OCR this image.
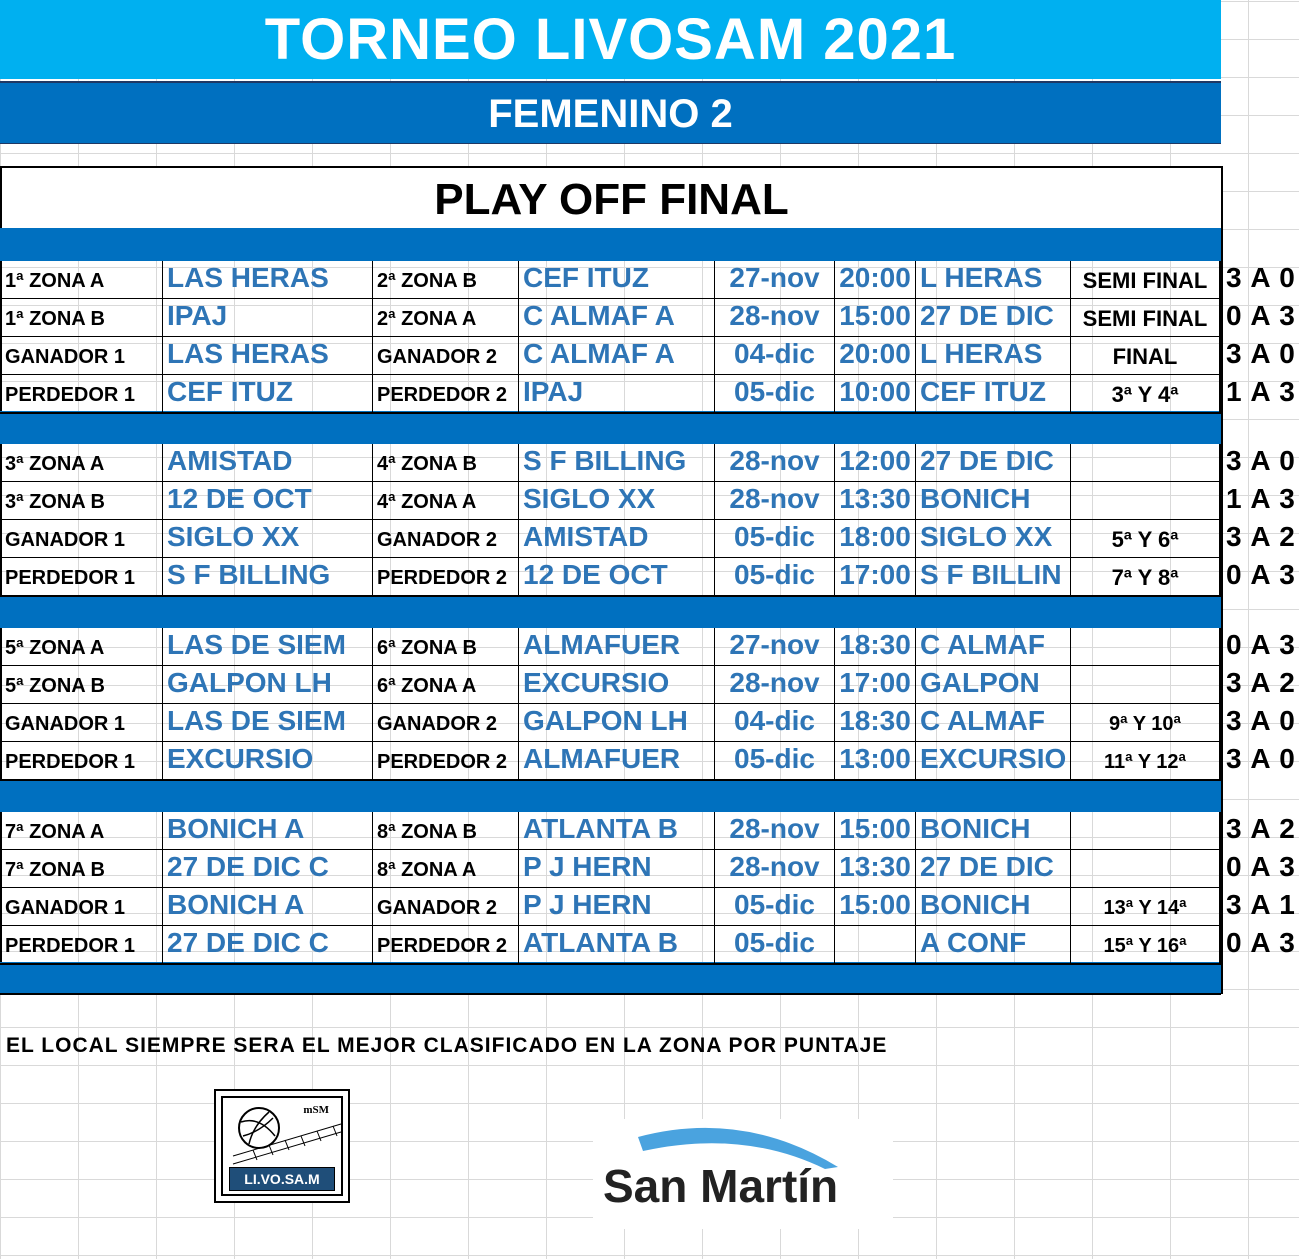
TORNEO LIVOSAM 2021
FEMENINO 2
PLAY OFF FINAL
1ª ZONA A	LAS HERAS	2ª ZONA B	CEF ITUZ	27-nov 20:00 L HERAS	SEMI FINAL 3 A 0
1ª ZONA B	IPAJ	2ª ZONA A	C ALMAF A	28-nov 15:00 27 DE DIC	SEMI FINAL 0 A 3
GANADOR 1	LAS HERAS	GANADOR 2 C ALMAF A	04-dic 20:00 L HERAS	FINAL	3 A 0
PERDEDOR 1	CEF ITUZ	PERDEDOR 2 IPAJ	05-dic 10:00 CEF ITUZ	3ª Y 4ª	1 A 3
3ª ZONA A	AMISTAD	4ª ZONA B	S F BILLING	28-nov 12:00 27 DE DIC	3 A 0
3ª ZONA B	12 DE OCT	4ª ZONA A	SIGLO XX	28-nov 13:30 BONICH	1 A 3
GANADOR 1	SIGLO XX	GANADOR 2 AMISTAD	05-dic 18:00 SIGLO XX	5ª Y 6ª	3 A 2
PERDEDOR 1	S F BILLING	PERDEDOR 2 12 DE OCT	05-dic 17:00 S F BILLIN	7ª Y 8ª	0 A 3
5ª ZONA A	LAS DE SIEM	6ª ZONA B	ALMAFUER	27-nov 18:30 C ALMAF	0 A 3
5ª ZONA B	GALPON LH	6ª ZONA A	EXCURSIO	28-nov 17:00 GALPON	3 A 2
GANADOR 1	LAS DE SIEM	GANADOR 2 GALPON LH	04-dic 18:30 C ALMAF	9ª Y 10ª	3 A 0
PERDEDOR 1	EXCURSIO	PERDEDOR 2 ALMAFUER	05-dic 13:00 EXCURSIO	11ª Y 12ª	3 A 0
7ª ZONA A	BONICH A	8ª ZONA B	ATLANTA B	28-nov 15:00 BONICH	3 A 2
7ª ZONA B	27 DE DIC C	8ª ZONA A	P J HERN	28-nov 13:30 27 DE DIC	0 A 3
GANADOR 1	BONICH A	GANADOR 2 P J HERN	05-dic 15:00 BONICH	13ª Y 14ª	3 A 1
PERDEDOR 1	27 DE DIC C	PERDEDOR 2 ATLANTA B	05-dic	A CONF	15ª Y 16ª	0 A 3
EL LOCAL SIEMPRE SERA EL MEJOR CLASIFICADO EN LA ZONA POR PUNTAJE
mSM
LI.VO.SA.M	San Martín
